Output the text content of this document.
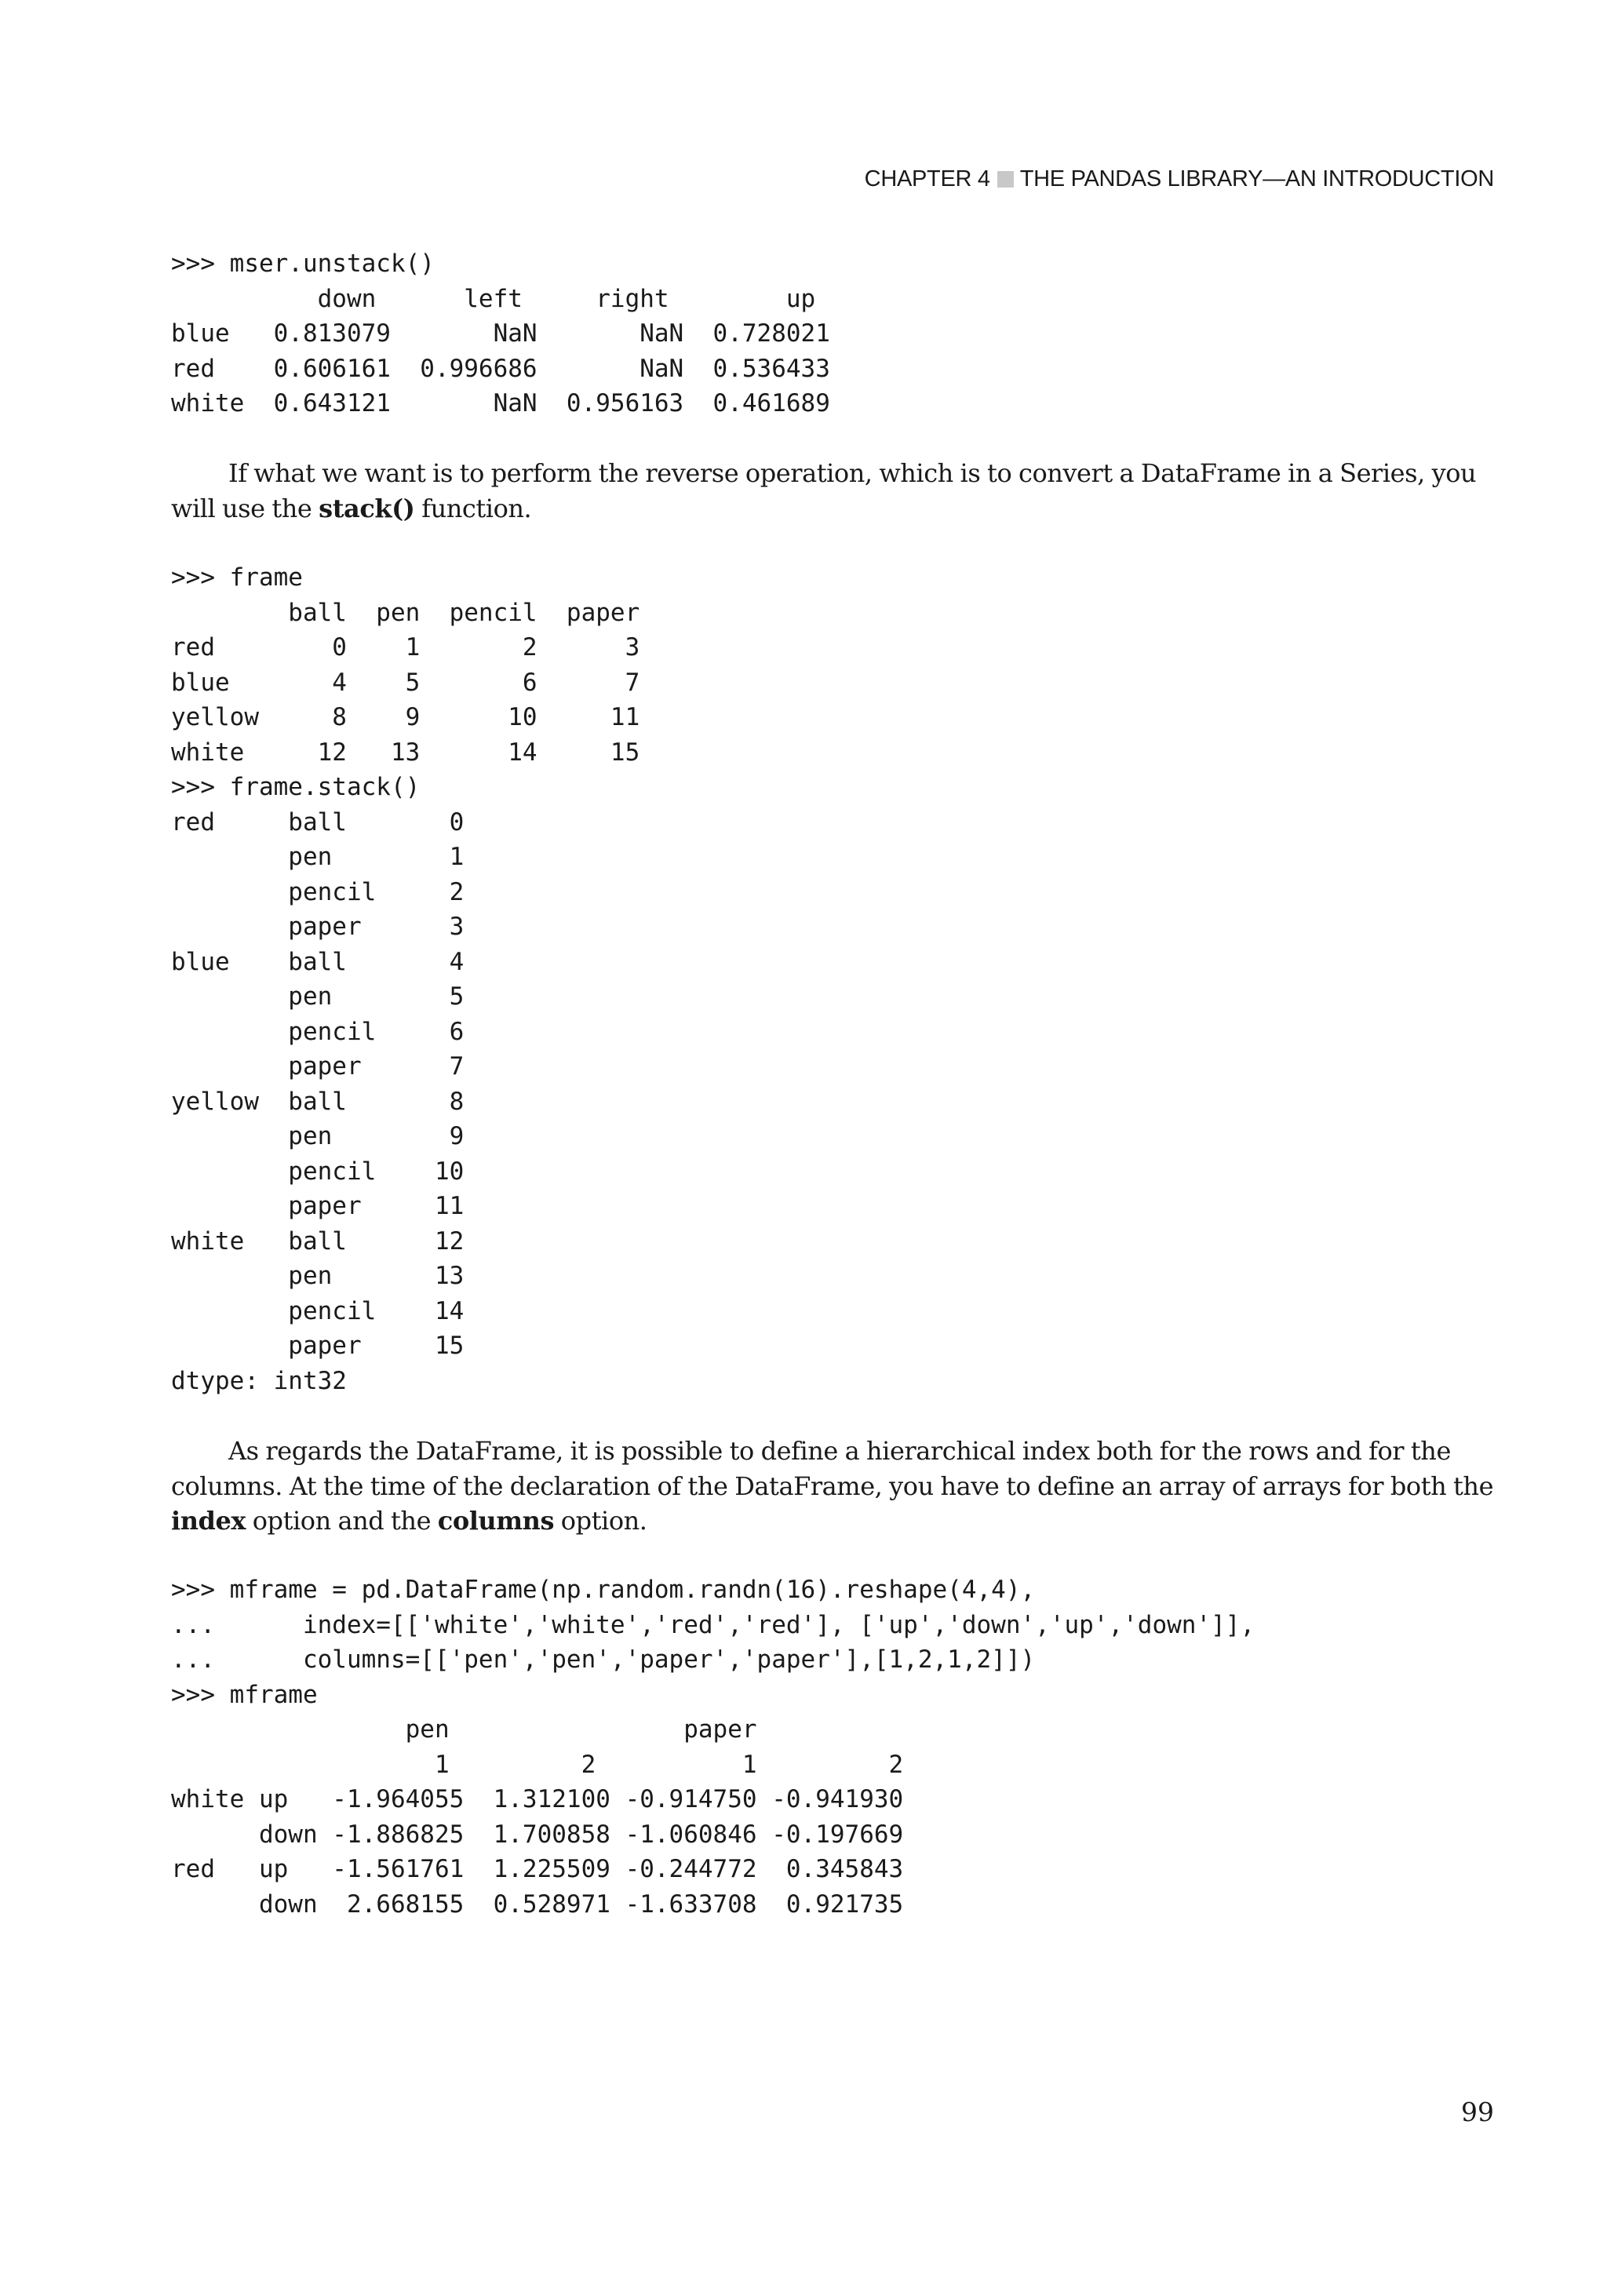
CHAPTER 4 THE PANDAS LIBRARY—AN INTRODUCTION
>>> mser.unstack()
down      left     right        up
blue   0.813079       NaN       NaN  0.728021
red    0.606161  0.996686       NaN  0.536433
white  0.643121       NaN  0.956163  0.461689

If what we want is to perform the reverse operation, which is to convert a DataFrame in a Series, you will use the stack() function.

>>> frame
ball  pen  pencil  paper
red        0    1       2      3
blue       4    5       6      7
yellow     8    9      10     11
white     12   13      14     15
>>> frame.stack()
red     ball       0
pen        1
pencil     2
paper      3
blue    ball       4
pen        5
pencil     6
paper      7
yellow  ball       8
pen        9
pencil    10
paper     11
white   ball      12
pen       13
pencil    14
paper     15
dtype: int32

As regards the DataFrame, it is possible to define a hierarchical index both for the rows and for the columns. At the time of the declaration of the DataFrame, you have to define an array of arrays for both the index option and the columns option.

>>> mframe = pd.DataFrame(np.random.randn(16).reshape(4,4),
...      index=[['white','white','red','red'], ['up','down','up','down']],
...      columns=[['pen','pen','paper','paper'],[1,2,1,2]])
>>> mframe
pen                paper
1         2          1         2
white up   -1.964055  1.312100 -0.914750 -0.941930
down -1.886825  1.700858 -1.060846 -0.197669
red   up   -1.561761  1.225509 -0.244772  0.345843
down  2.668155  0.528971 -1.633708  0.921735
99
